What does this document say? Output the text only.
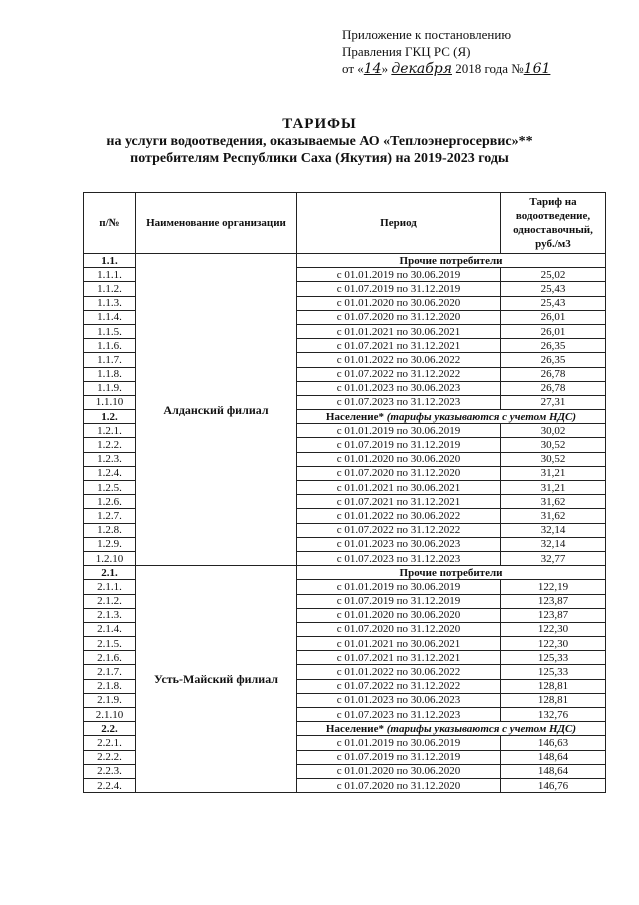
Приложение к постановлению
Правления ГКЦ РС (Я)
от «14» декабря 2018 года №161
ТАРИФЫ
на услуги водоотведения, оказываемые АО «Теплоэнергосервис»**
потребителям Республики Саха (Якутия) на 2019-2023 годы
п/№	Наименование организации	Период	Тариф на водоотведение, одноставочный, руб./м3
1.1.	Алданский филиал	Прочие потребители	
1.1.1.		с 01.01.2019 по 30.06.2019	25,02
1.1.2.		с 01.07.2019 по 31.12.2019	25,43
1.1.3.		с 01.01.2020 по 30.06.2020	25,43
1.1.4.		с 01.07.2020 по 31.12.2020	26,01
1.1.5.		с 01.01.2021 по 30.06.2021	26,01
1.1.6.		с 01.07.2021 по 31.12.2021	26,35
1.1.7.		с 01.01.2022 по 30.06.2022	26,35
1.1.8.		с 01.07.2022 по 31.12.2022	26,78
1.1.9.		с 01.01.2023 по 30.06.2023	26,78
1.1.10		с 01.07.2023 по 31.12.2023	27,31
1.2.		Население* (тарифы указываются с учетом НДС)	
1.2.1.		с 01.01.2019 по 30.06.2019	30,02
1.2.2.		с 01.07.2019 по 31.12.2019	30,52
1.2.3.		с 01.01.2020 по 30.06.2020	30,52
1.2.4.		с 01.07.2020 по 31.12.2020	31,21
1.2.5.		с 01.01.2021 по 30.06.2021	31,21
1.2.6.		с 01.07.2021 по 31.12.2021	31,62
1.2.7.		с 01.01.2022 по 30.06.2022	31,62
1.2.8.		с 01.07.2022 по 31.12.2022	32,14
1.2.9.		с 01.01.2023 по 30.06.2023	32,14
1.2.10		с 01.07.2023 по 31.12.2023	32,77
2.1.	Усть-Майский филиал	Прочие потребители	
2.1.1.		с 01.01.2019 по 30.06.2019	122,19
2.1.2.		с 01.07.2019 по 31.12.2019	123,87
2.1.3.		с 01.01.2020 по 30.06.2020	123,87
2.1.4.		с 01.07.2020 по 31.12.2020	122,30
2.1.5.		с 01.01.2021 по 30.06.2021	122,30
2.1.6.		с 01.07.2021 по 31.12.2021	125,33
2.1.7.		с 01.01.2022 по 30.06.2022	125,33
2.1.8.		с 01.07.2022 по 31.12.2022	128,81
2.1.9.		с 01.01.2023 по 30.06.2023	128,81
2.1.10		с 01.07.2023 по 31.12.2023	132,76
2.2.		Население* (тарифы указываются с учетом НДС)	
2.2.1.		с 01.01.2019 по 30.06.2019	146,63
2.2.2.		с 01.07.2019 по 31.12.2019	148,64
2.2.3.		с 01.01.2020 по 30.06.2020	148,64
2.2.4.		с 01.07.2020 по 31.12.2020	146,76
